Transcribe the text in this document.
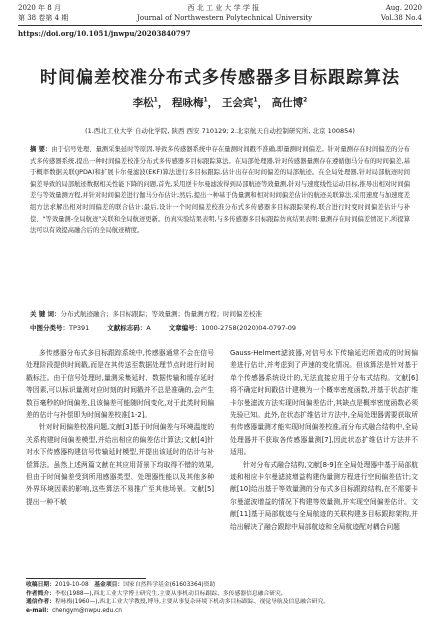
2020 年 8 月	西 北 工 业 大 学 学 报	Aug. 2020
第 38 卷第 4 期	Journal of Northwestern Polytechnical University	Vol.38 No.4
https://doi.org/10.1051/jnwpu/20203840797
时间偏差校准分布式多传感器多目标跟踪算法
李松$^1$， 程咏梅$^1$， 王会宾$^1$， 高仕博$^2$
(1.西北工业大学 自动化学院, 陕西 西安 710129; 2.北京航天自动控制研究所, 北京 100854)
摘 要：由于信号处理、量测采集延时等原因,导致多传感器系统中存在量测时间戳不准确,即量测时间偏差。针对量测存在时间偏差的分布式多传感器系统,提出一种时间偏差校准分布式多传感器多目标跟踪算法。在局部处理器,针对传感器量测存在遵循伽马分布的时间偏差,基于概率数据关联(JPDA)和扩展卡尔曼滤波(EKF)算法进行多目标跟踪,估计出存在时间偏差的局部航迹。在全局处理器,针对局部航迹时间偏差导致的局部航迹数据相关性能下降的问题,首先,采用逆卡尔曼滤波得到局部航迹等效量测,针对与速度线性运动目标,推导出相对时间偏差与等效量测方程,并针对时间偏差进行伽马分布估计;然后,提出一种基于伪量测和相对时间偏差估计的航迹关联算法,采用速度与加速度差组方法求解出相对时间偏差的联合估计;最后,设计一个时间偏差校准分布式多传感器多目标跟踪架构,联合进行时变时间偏差估计与补偿、"等效量测-全局航迹"关联和全局航迹更新。仿真实验结果表明,与多传感器多目标跟踪仿真结果表明:量测存在时间偏差情况下,所提算法可以有效提高融合后的全局航迹精度。
关 键 词：分布式航迹融合；多目标跟踪；等效量测；伪量测方程；时间偏差校准
中图分类号：TP391	文献标志码：A	文章编号：1000-2758(2020)04-0797-09

多传感器分布式多目标跟踪系统中,传感器通常不会在信号处理阶段提供时间戳,而是在其传送至数据处理节点时进行时间戳标注。由于信号处理时,量测采集延时、数据传输和缓存延时等因素,可以标识量测对应时刻的时间戳并不总是准确的,会产生数百毫秒的时间偏差,且该偏差可能随时间变化,对于此类时间偏差的估计与补偿即为时间偏差校准[1-2]。

针对时间偏差校准问题,文献[3]基于时间偏差与环境温度的关系构建时间偏差模型,并给出相应的偏差估计算法;文献[4]针对水下传感器构建信号传输延时模型,并提出该延时的估计与补偿算法。虽然上述两篇文献在其应用背景下均取得不错的效果,但由于时间偏差受到所用感器类型、处理器性能以及其他多种外界环境因素的影响,这些算法不易推广至其他场景。文献[5]提出一种不敏

Gauss-Helmert滤波器,对信号水下传输延迟所造成的时间偏差进行估计,并考虑到了声速的变化情况。但该算法是针对基于单个传感器系统设计的,无法直接应用于分布式结构。文献[6]将不确定时间戳估计建模为一个概率密度函数,并基于状态扩维卡尔曼滤波方法实现时间偏差估计,其缺点是概率密度函数必须先验已知。此外,在状态扩维估计方法中,全局处理器需要获取所有传感器量测才能实现时间偏差校准,而分布式融合结构中,全局处理器并不获取各传感器量测[7],因此状态扩维估计方法并不适用。

针对分布式融合结构,文献[8-9]在全局处理器中基于局部航迹和相应卡尔曼滤波增益构建伪量测方程进行空间偏差估计;文献[10]给出基于等效量测的分布式多目标跟踪结构,在不需要卡尔曼滤波增益的情况下构建等效量测,并实现空间偏差估计。文献[11]基于局部航迹与全局航迹的关联构建多目标跟踪架构,并给出解决了融合跟踪中局部航迹和全局航迹配对耦合问题

收稿日期：2019-10-08 基金项目：国家自然科学基金(61603364)资助
作者简介：李松(1988—),西北工业大学博士研究生,主要从事机动目标跟踪、多传感器信息融合研究。
通信作者：程咏梅(1960—),西北工业大学教授,博导,主要从事复杂环境下机动多目标跟踪、视觉导航及信息融合研究。
e-mail：chengym@nwpu.edu.cn
